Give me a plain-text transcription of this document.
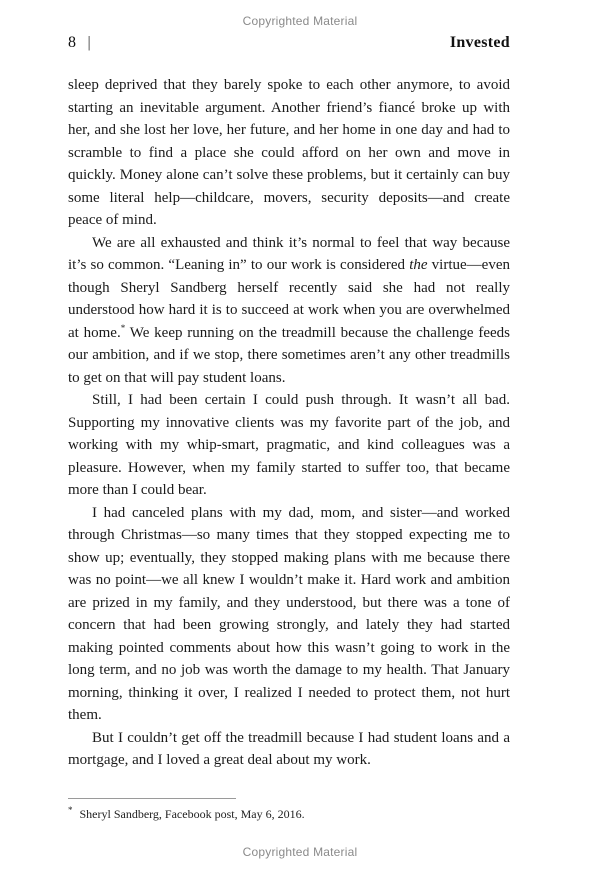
Copyrighted Material
8 |	Invested

sleep deprived that they barely spoke to each other anymore, to avoid starting an inevitable argument. Another friend’s fiancé broke up with her, and she lost her love, her future, and her home in one day and had to scramble to find a place she could afford on her own and move in quickly. Money alone can’t solve these problems, but it certainly can buy some literal help—childcare, movers, security deposits—and create peace of mind.

We are all exhausted and think it’s normal to feel that way because it’s so common. “Leaning in” to our work is considered the virtue—even though Sheryl Sandberg herself recently said she had not really understood how hard it is to succeed at work when you are overwhelmed at home.* We keep running on the treadmill because the challenge feeds our ambition, and if we stop, there sometimes aren’t any other treadmills to get on that will pay student loans.

Still, I had been certain I could push through. It wasn’t all bad. Supporting my innovative clients was my favorite part of the job, and working with my whip-smart, pragmatic, and kind colleagues was a pleasure. However, when my family started to suffer too, that became more than I could bear.

I had canceled plans with my dad, mom, and sister—and worked through Christmas—so many times that they stopped expecting me to show up; eventually, they stopped making plans with me because there was no point—we all knew I wouldn’t make it. Hard work and ambition are prized in my family, and they understood, but there was a tone of concern that had been growing strongly, and lately they had started making pointed comments about how this wasn’t going to work in the long term, and no job was worth the damage to my health. That January morning, thinking it over, I realized I needed to protect them, not hurt them.

But I couldn’t get off the treadmill because I had student loans and a mortgage, and I loved a great deal about my work.

* Sheryl Sandberg, Facebook post, May 6, 2016.
Copyrighted Material
